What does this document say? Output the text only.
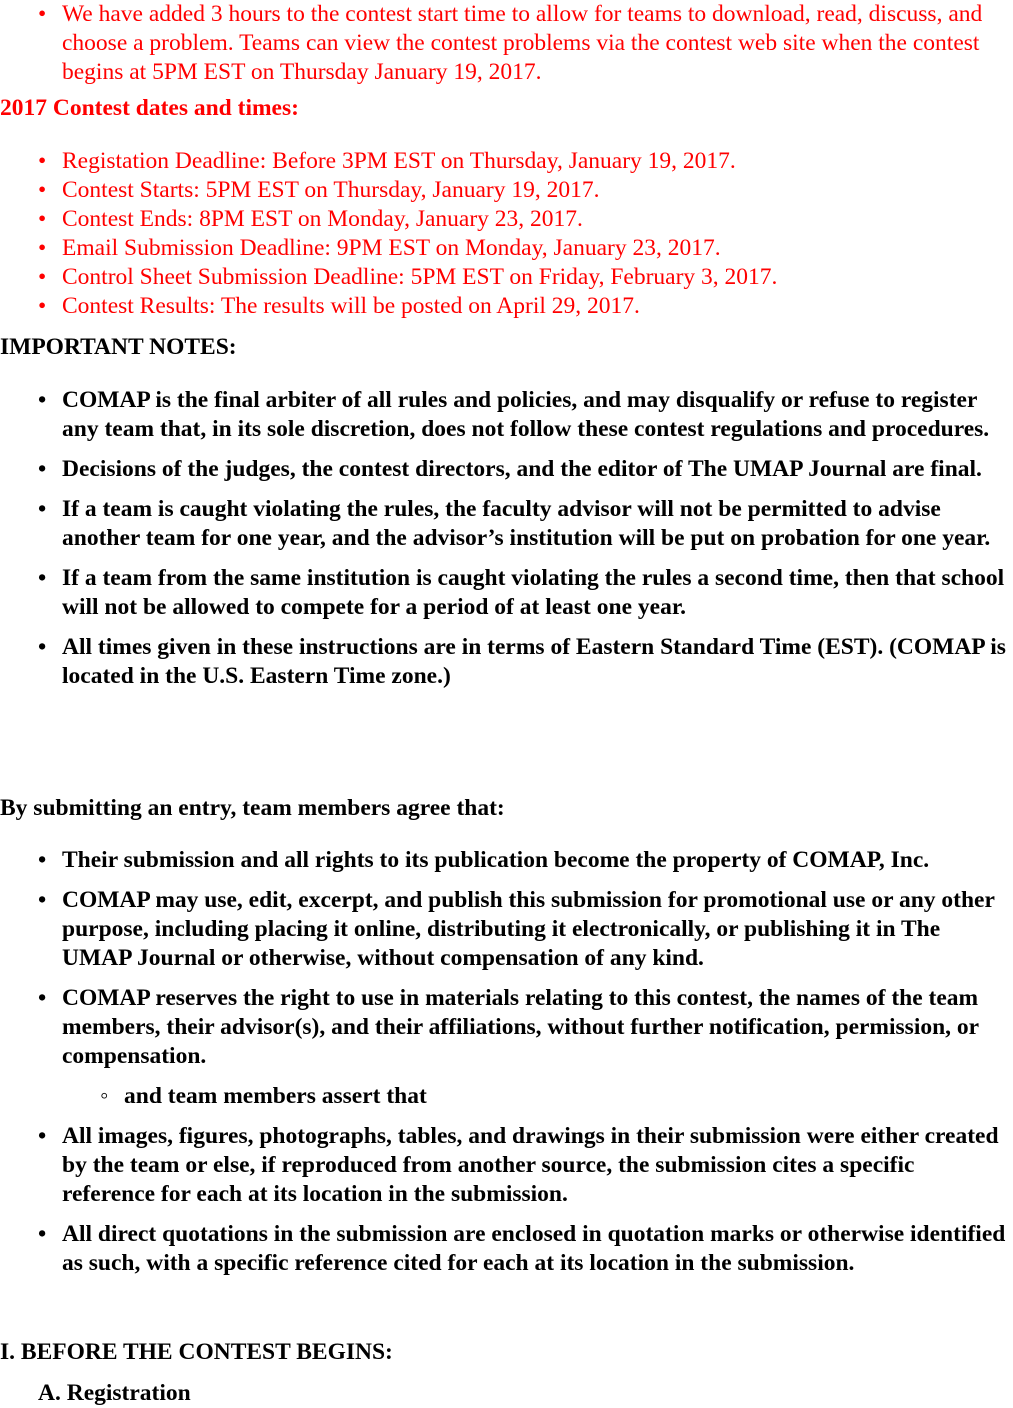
• We have added 3 hours to the contest start time to allow for teams to download, read, discuss, and choose a problem. Teams can view the contest problems via the contest web site when the contest begins at 5PM EST on Thursday January 19, 2017.
2017 Contest dates and times:
• Registation Deadline: Before 3PM EST on Thursday, January 19, 2017.
• Contest Starts: 5PM EST on Thursday, January 19, 2017.
• Contest Ends: 8PM EST on Monday, January 23, 2017.
• Email Submission Deadline: 9PM EST on Monday, January 23, 2017.
• Control Sheet Submission Deadline: 5PM EST on Friday, February 3, 2017.
• Contest Results: The results will be posted on April 29, 2017.
IMPORTANT NOTES:
• COMAP is the final arbiter of all rules and policies, and may disqualify or refuse to register any team that, in its sole discretion, does not follow these contest regulations and procedures.
• Decisions of the judges, the contest directors, and the editor of The UMAP Journal are final.
• If a team is caught violating the rules, the faculty advisor will not be permitted to advise another team for one year, and the advisor’s institution will be put on probation for one year.
• If a team from the same institution is caught violating the rules a second time, then that school will not be allowed to compete for a period of at least one year.
• All times given in these instructions are in terms of Eastern Standard Time (EST). (COMAP is located in the U.S. Eastern Time zone.)
By submitting an entry, team members agree that:
• Their submission and all rights to its publication become the property of COMAP, Inc.
• COMAP may use, edit, excerpt, and publish this submission for promotional use or any other purpose, including placing it online, distributing it electronically, or publishing it in The UMAP Journal or otherwise, without compensation of any kind.
• COMAP reserves the right to use in materials relating to this contest, the names of the team members, their advisor(s), and their affiliations, without further notification, permission, or compensation.
◦ and team members assert that
• All images, figures, photographs, tables, and drawings in their submission were either created by the team or else, if reproduced from another source, the submission cites a specific reference for each at its location in the submission.
• All direct quotations in the submission are enclosed in quotation marks or otherwise identified as such, with a specific reference cited for each at its location in the submission.
I. BEFORE THE CONTEST BEGINS:
A. Registration
